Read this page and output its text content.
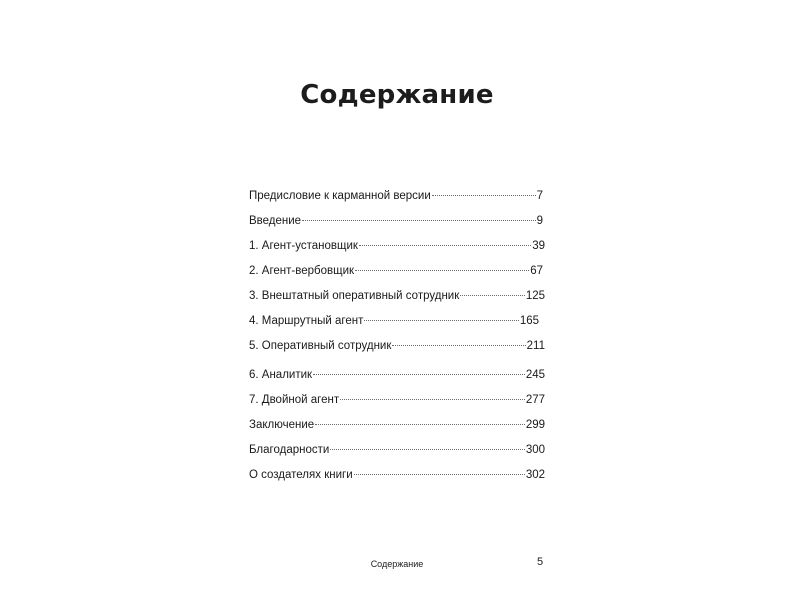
Содержание
Предисловие к карманной версии	7
Введение	9
1. Агент-установщик	39
2. Агент-вербовщик	67
3. Внештатный оперативный сотрудник	125
4. Маршрутный агент	165
5. Оперативный сотрудник	211
6. Аналитик	245
7. Двойной агент	277
Заключение	299
Благодарности	300
О создателях книги	302
Содержание	5
